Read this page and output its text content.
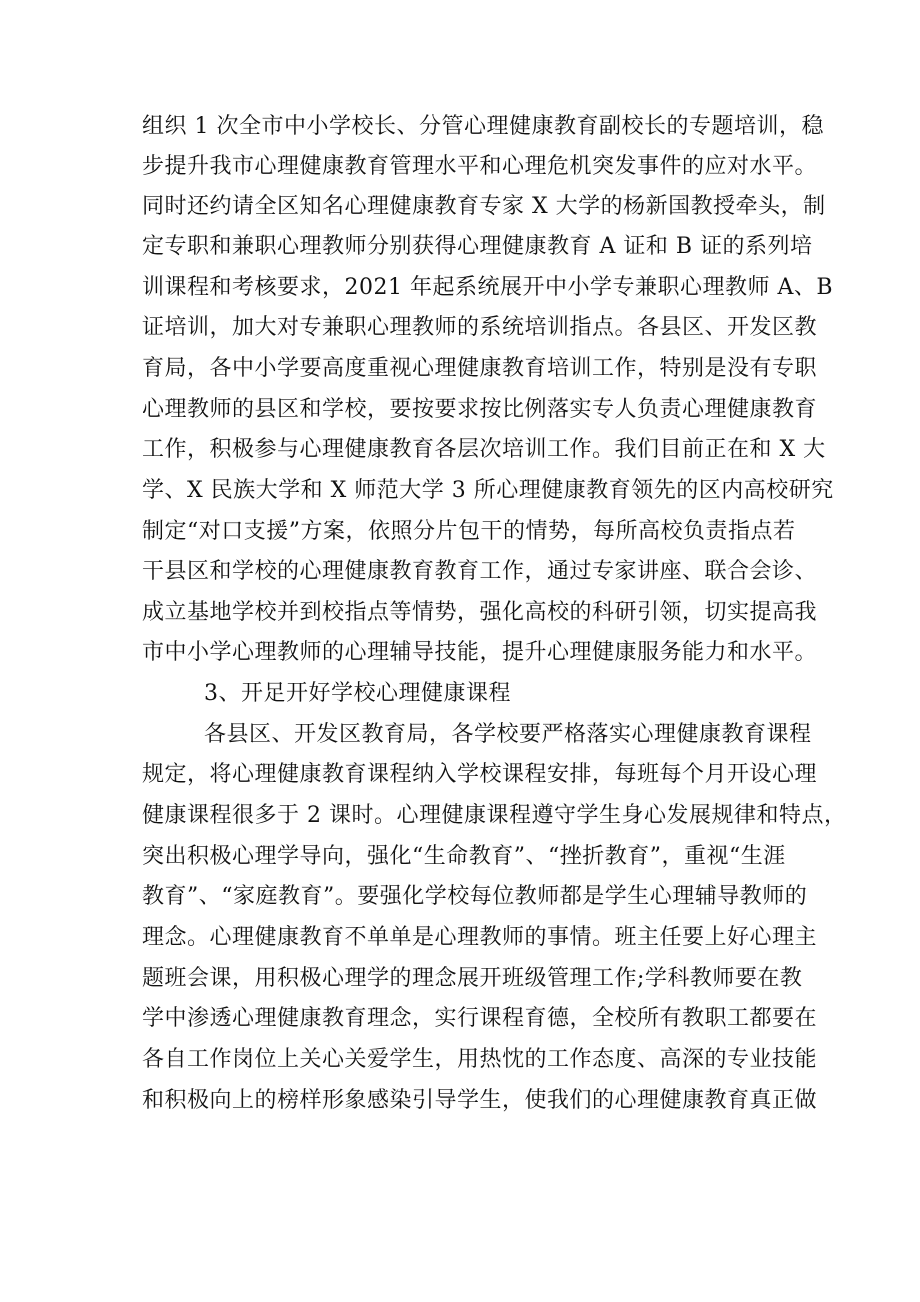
组织 1 次全市中小学校长、分管心理健康教育副校长的专题培训，稳
步提升我市心理健康教育管理水平和心理危机突发事件的应对水平。
同时还约请全区知名心理健康教育专家 X 大学的杨新国教授牵头，制
定专职和兼职心理教师分别获得心理健康教育 A 证和 B 证的系列培
训课程和考核要求，2021 年起系统展开中小学专兼职心理教师 A、B
证培训，加大对专兼职心理教师的系统培训指点。各县区、开发区教
育局，各中小学要高度重视心理健康教育培训工作，特别是没有专职
心理教师的县区和学校，要按要求按比例落实专人负责心理健康教育
工作，积极参与心理健康教育各层次培训工作。我们目前正在和 X 大
学、X 民族大学和 X 师范大学 3 所心理健康教育领先的区内高校研究
制定“对口支援”方案，依照分片包干的情势，每所高校负责指点若
干县区和学校的心理健康教育教育工作，通过专家讲座、联合会诊、
成立基地学校并到校指点等情势，强化高校的科研引领，切实提高我
市中小学心理教师的心理辅导技能，提升心理健康服务能力和水平。
3、开足开好学校心理健康课程
各县区、开发区教育局，各学校要严格落实心理健康教育课程
规定，将心理健康教育课程纳入学校课程安排，每班每个月开设心理
健康课程很多于 2 课时。心理健康课程遵守学生身心发展规律和特点，
突出积极心理学导向，强化“生命教育”、“挫折教育”，重视“生涯
教育”、“家庭教育”。要强化学校每位教师都是学生心理辅导教师的
理念。心理健康教育不单单是心理教师的事情。班主任要上好心理主
题班会课，用积极心理学的理念展开班级管理工作;学科教师要在教
学中渗透心理健康教育理念，实行课程育德，全校所有教职工都要在
各自工作岗位上关心关爱学生，用热忱的工作态度、高深的专业技能
和积极向上的榜样形象感染引导学生，使我们的心理健康教育真正做
